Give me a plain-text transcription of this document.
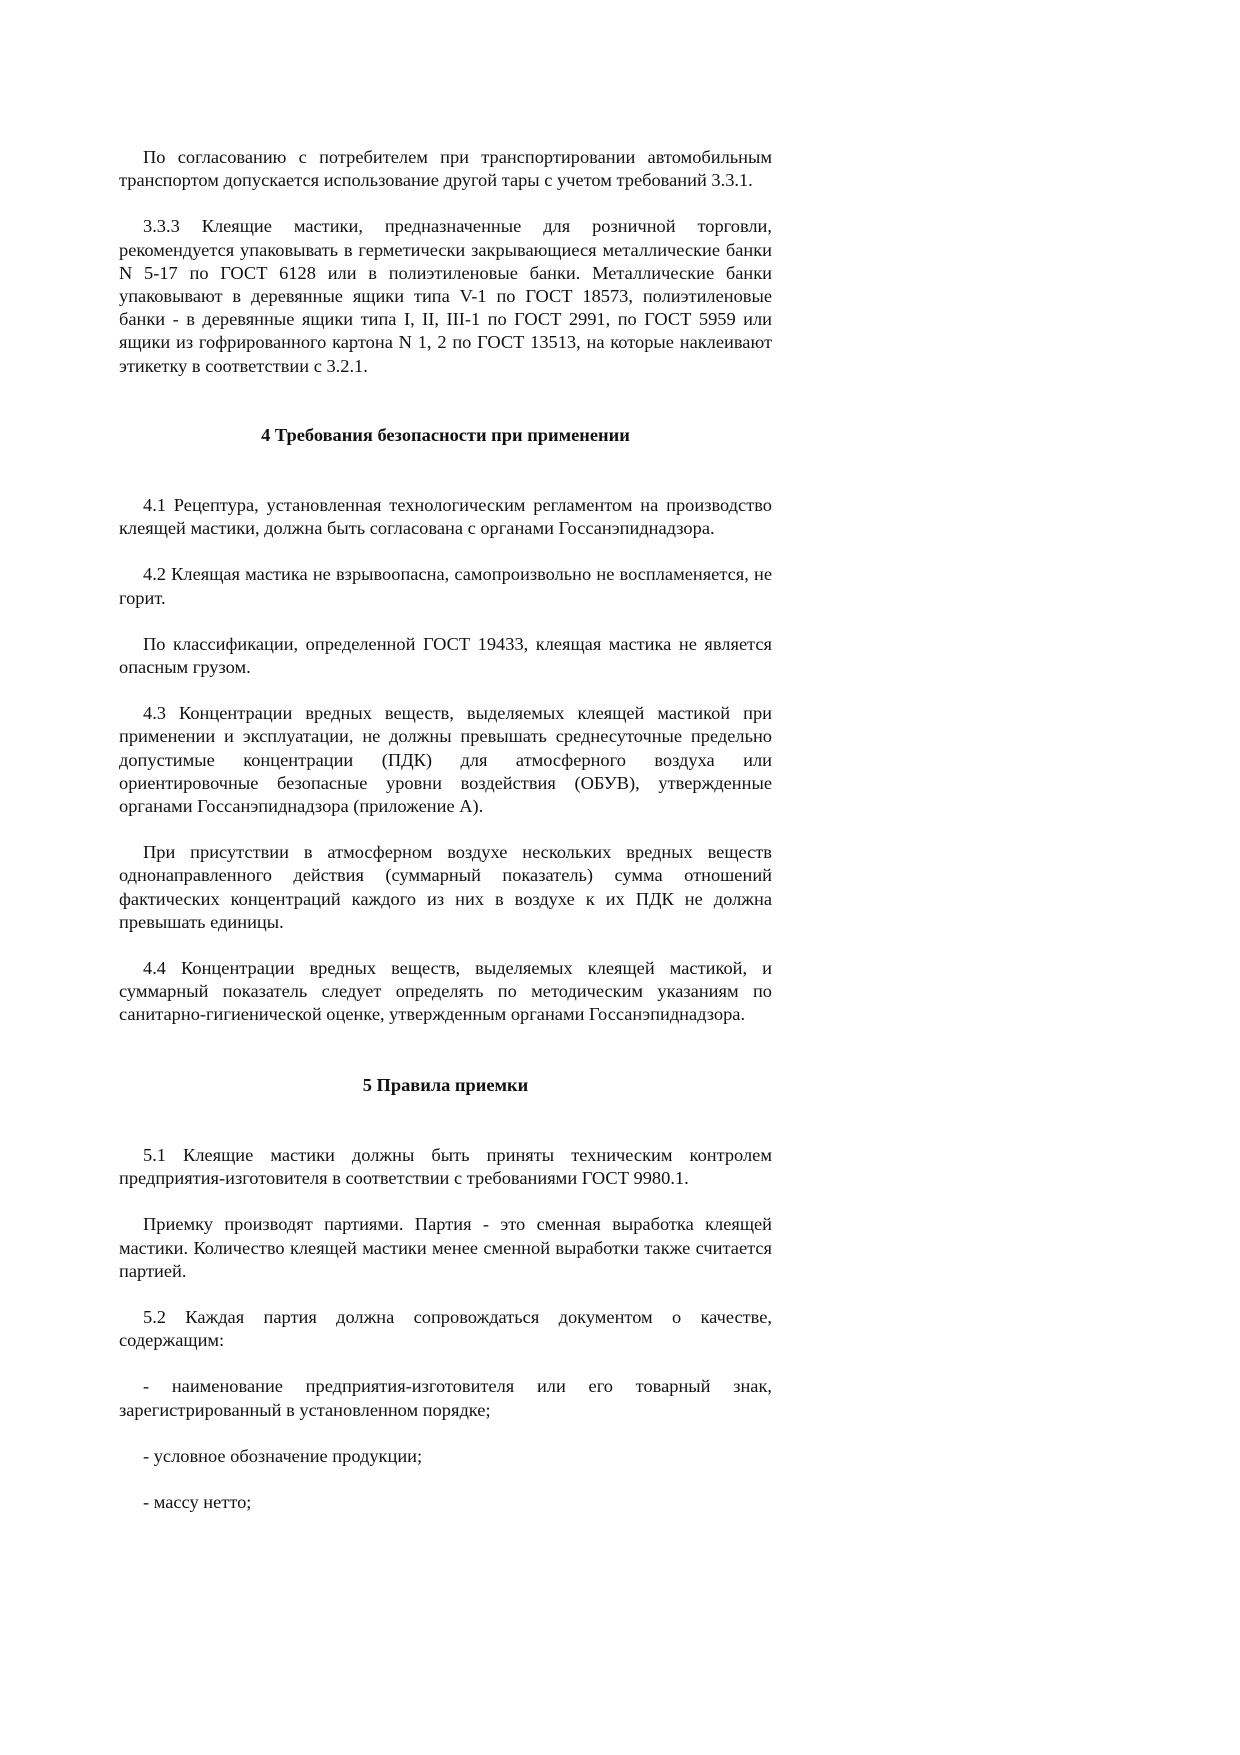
По согласованию с потребителем при транспортировании автомобильным транспортом допускается использование другой тары с учетом требований 3.3.1.

3.3.3 Клеящие мастики, предназначенные для розничной торговли, рекомендуется упаковывать в герметически закрывающиеся металлические банки N 5-17 по ГОСТ 6128 или в полиэтиленовые банки. Металлические банки упаковывают в деревянные ящики типа V-1 по ГОСТ 18573, полиэтиленовые банки - в деревянные ящики типа I, II, III-1 по ГОСТ 2991, по ГОСТ 5959 или ящики из гофрированного картона N 1, 2 по ГОСТ 13513, на которые наклеивают этикетку в соответствии с 3.2.1.

4 Требования безопасности при применении

4.1 Рецептура, установленная технологическим регламентом на производство клеящей мастики, должна быть согласована с органами Госсанэпиднадзора.

4.2 Клеящая мастика не взрывоопасна, самопроизвольно не воспламеняется, не горит.

По классификации, определенной ГОСТ 19433, клеящая мастика не является опасным грузом.

4.3 Концентрации вредных веществ, выделяемых клеящей мастикой при применении и эксплуатации, не должны превышать среднесуточные предельно допустимые концентрации (ПДК) для атмосферного воздуха или ориентировочные безопасные уровни воздействия (ОБУВ), утвержденные органами Госсанэпиднадзора (приложение А).

При присутствии в атмосферном воздухе нескольких вредных веществ однонаправленного действия (суммарный показатель) сумма отношений фактических концентраций каждого из них в воздухе к их ПДК не должна превышать единицы.

4.4 Концентрации вредных веществ, выделяемых клеящей мастикой, и суммарный показатель следует определять по методическим указаниям по санитарно-гигиенической оценке, утвержденным органами Госсанэпиднадзора.

5 Правила приемки

5.1 Клеящие мастики должны быть приняты техническим контролем предприятия-изготовителя в соответствии с требованиями ГОСТ 9980.1.

Приемку производят партиями. Партия - это сменная выработка клеящей мастики. Количество клеящей мастики менее сменной выработки также считается партией.

5.2 Каждая партия должна сопровождаться документом о качестве, содержащим:

- наименование предприятия-изготовителя или его товарный знак, зарегистрированный в установленном порядке;

- условное обозначение продукции;

- массу нетто;
